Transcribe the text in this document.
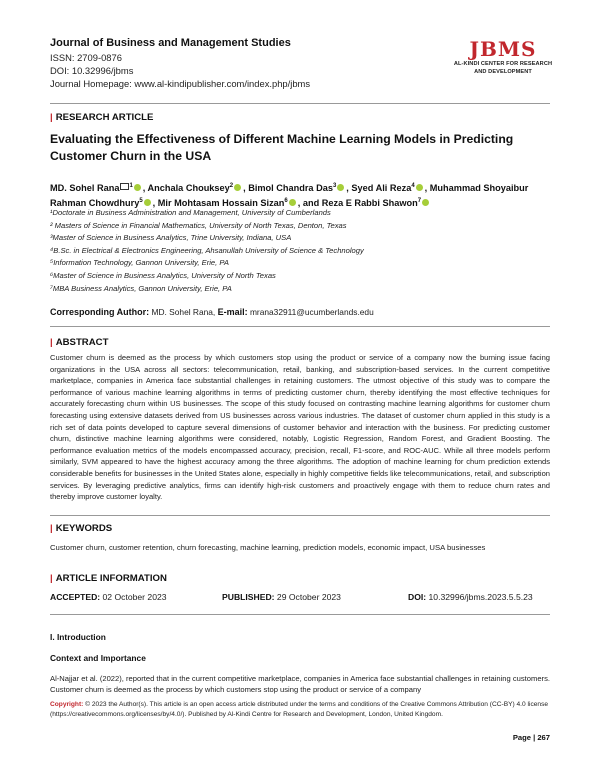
Journal of Business and Management Studies
ISSN: 2709-0876
DOI: 10.32996/jbms
Journal Homepage: www.al-kindipublisher.com/index.php/jbms
JBMS
AL-KINDI CENTER FOR RESEARCH
AND DEVELOPMENT
| RESEARCH ARTICLE
Evaluating the Effectiveness of Different Machine Learning Models in Predicting Customer Churn in the USA
MD. Sohel Rana $^1$ , Anchala Chouksey$^2$ , Bimol Chandra Das$^3$ , Syed Ali Reza$^4$ , Muhammad Shoyaibur Rahman Chowdhury$^5$ , Mir Mohtasam Hossain Sizan$^6$ , and Reza E Rabbi Shawon$^7$
¹Doctorate in Business Administration and Management, University of Cumberlands
² Masters of Science in Financial Mathematics, University of North Texas, Denton, Texas
³Master of Science in Business Analytics, Trine University, Indiana, USA
⁴B.Sc. in Electrical & Electronics Engineering, Ahsanullah University of Science & Technology
⁵Information Technology, Gannon University, Erie, PA
⁶Master of Science in Business Analytics, University of North Texas
⁷MBA Business Analytics, Gannon University, Erie, PA
Corresponding Author: MD. Sohel Rana, E-mail: mrana32911@ucumberlands.edu
| ABSTRACT

Customer churn is deemed as the process by which customers stop using the product or service of a company now the burning issue facing organizations in the USA across all sectors: telecommunication, retail, banking, and subscription-based services. In the current competitive marketplace, companies in America face substantial challenges in retaining customers. The utmost objective of this study was to compare the performance of various machine learning algorithms in terms of predicting customer churn, thereby identifying the most effective techniques for accurately forecasting churn within US businesses. The scope of this study focused on contrasting machine learning algorithms for customer churn forecasting using extensive datasets derived from US businesses across various industries. The dataset of customer churn applied in this study is a rich set of data points developed to capture several dimensions of customer behavior and interaction with the business. For predicting customer churn, distinctive machine learning algorithms were considered, notably, Logistic Regression, Random Forest, and Gradient Boosting. The performance evaluation metrics of the models encompassed accuracy, precision, recall, F1-score, and ROC-AUC. While all three models perform similarly, SVM appeared to have the highest accuracy among the three algorithms. The adoption of machine learning for churn prediction extends considerable benefits for businesses in the United States alone, especially in highly competitive fields like telecommunications, retail, and subscription services. By leveraging predictive analytics, firms can identify high-risk customers and proactively engage with them to reduce churn rates and thereby improve customer loyalty.

| KEYWORDS
Customer churn, customer retention, churn forecasting, machine learning, prediction models, economic impact, USA businesses
| ARTICLE INFORMATION
ACCEPTED: 02 October 2023	PUBLISHED: 29 October 2023	DOI: 10.32996/jbms.2023.5.5.23
I. Introduction
Context and Importance

Al-Najjar et al. (2022), reported that in the current competitive marketplace, companies in America face substantial challenges in retaining customers. Customer churn is deemed as the process by which customers stop using the product or service of a company

Copyright: © 2023 the Author(s). This article is an open access article distributed under the terms and conditions of the Creative Commons Attribution (CC-BY) 4.0 license (https://creativecommons.org/licenses/by/4.0/). Published by Al-Kindi Centre for Research and Development, London, United Kingdom.

Page | 267
